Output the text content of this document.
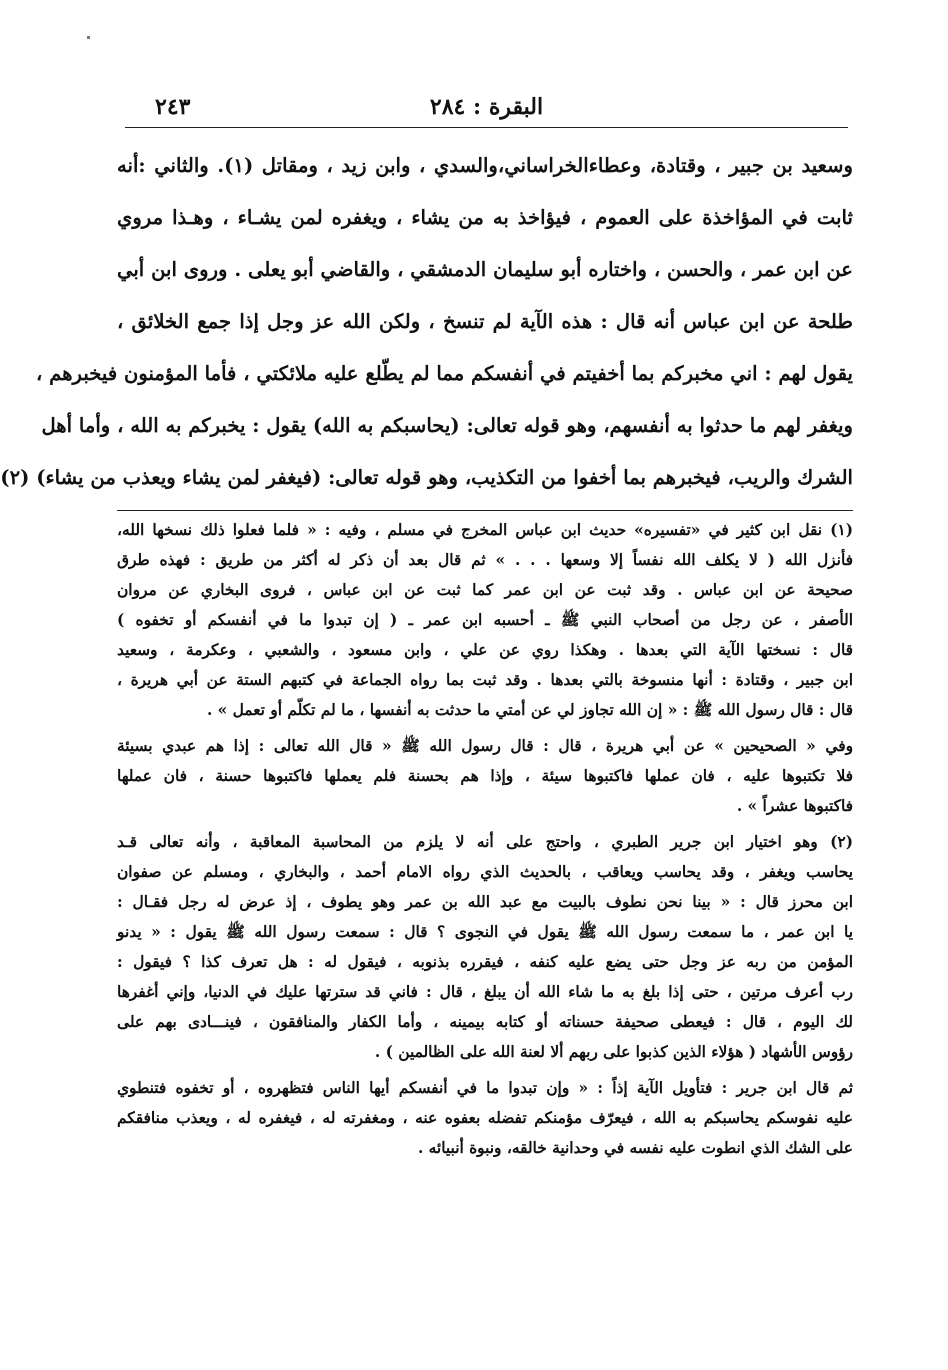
البقرة : ٢٨٤
٢٤٣
وسعيد بن جبير ، وقتادة، وعطاءالخراساني،والسدي ، وابن زيد ، ومقاتل (١). والثاني :أنه
ثابت في المؤاخذة على العموم ، فيؤاخذ به من يشاء ، ويغفره لمن يشـاء ، وهـذا مروي
عن ابن عمر ، والحسن ، واختاره أبو سليمان الدمشقي ، والقاضي أبو يعلى . وروى ابن أبي
طلحة عن ابن عباس أنه قال : هذه الآية لم تنسخ ، ولكن الله عز وجل إذا جمع الخلائق ،
يقول لهم : اني مخبركم بما أخفيتم في أنفسكم مما لم يطّلع عليه ملائكتي ، فأما المؤمنون فيخبرهم ،
ويغفر لهم ما حدثوا به أنفسهم، وهو قوله تعالى: (يحاسبكم به الله) يقول : يخبركم به الله ، وأما أهل
الشرك والريب، فيخبرهم بما أخفوا من التكذيب، وهو قوله تعالى: (فيغفر لمن يشاء ويعذب من يشاء) (٢)
(١) نقل ابن كثير في «تفسيره» حديث ابن عباس المخرج في مسلم ، وفيه : « فلما فعلوا ذلك نسخها الله،
فأنزل الله ( لا يكلف الله نفساً إلا وسعها . . . » ثم قال بعد أن ذكر له أكثر من طريق : فهذه طرق
صحيحة عن ابن عباس . وقد ثبت عن ابن عمر كما ثبت عن ابن عباس ، فروى البخاري عن مروان
الأصفر ، عن رجل من أصحاب النبي ﷺ ـ أحسبه ابن عمر ـ ( إن تبدوا ما في أنفسكم أو تخفوه )
قال : نسختها الآية التي بعدها . وهكذا روي عن علي ، وابن مسعود ، والشعبي ، وعكرمة ، وسعيد
ابن جبير ، وقتادة : أنها منسوخة بالتي بعدها . وقد ثبت بما رواه الجماعة في كتبهم الستة عن أبي هريرة ،
قال : قال رسول الله ﷺ : « إن الله تجاوز لي عن أمتي ما حدثت به أنفسها ، ما لم تكلّم أو تعمل » .
وفي « الصحيحين » عن أبي هريرة ، قال : قال رسول الله ﷺ « قال الله تعالى : إذا هم عبدي بسيئة
فلا تكتبوها عليه ، فان عملها فاكتبوها سيئة ، وإذا هم بحسنة فلم يعملها فاكتبوها حسنة ، فان عملها
فاكتبوها عشراً » .
(٢) وهو اختيار ابن جرير الطبري ، واحتج على أنه لا يلزم من المحاسبة المعاقبة ، وأنه تعالى قـد
يحاسب ويغفر ، وقد يحاسب ويعاقب ، بالحديث الذي رواه الامام أحمد ، والبخاري ، ومسلم عن صفوان
ابن محرز قال : « بينا نحن نطوف بالبيت مع عبد الله بن عمر وهو يطوف ، إذ عرض له رجل فقـال :
يا ابن عمر ، ما سمعت رسول الله ﷺ يقول في النجوى ؟ قال : سمعت رسول الله ﷺ يقول : « يدنو
المؤمن من ربه عز وجل حتى يضع عليه كنفه ، فيقرره بذنوبه ، فيقول له : هل تعرف كذا ؟ فيقول :
رب أعرف مرتين ، حتى إذا بلغ به ما شاء الله أن يبلغ ، قال : فاني قد سترتها عليك في الدنيا، وإني أغفرها
لك اليوم ، قال : فيعطى صحيفة حسناته أو كتابه بيمينه ، وأما الكفار والمنافقون ، فينـــادى بهم على
رؤوس الأشهاد ( هؤلاء الذين كذبوا على ربهم ألا لعنة الله على الظالمين ) .
ثم قال ابن جرير : فتأويل الآية إذاً : « وإن تبدوا ما في أنفسكم أيها الناس فتظهروه ، أو تخفوه فتنطوي
عليه نفوسكم يحاسبكم به الله ، فيعرّف مؤمنكم تفضله بعفوه عنه ، ومغفرته له ، فيغفره له ، ويعذب منافقكم
على الشك الذي انطوت عليه نفسه في وحدانية خالقه، ونبوة أنبيائه .
